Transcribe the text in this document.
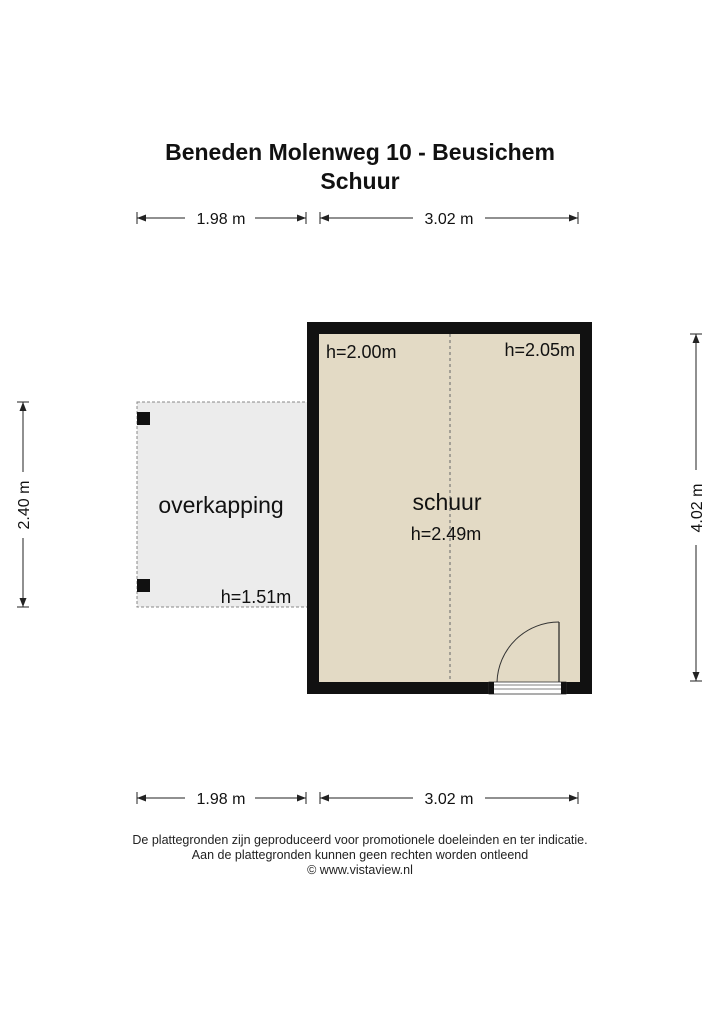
Beneden Molenweg 10 - Beusichem
Schuur
overkapping
h=1.51m
schuur
h=2.49m
h=2.00m	h=2.05m
1.98 m	3.02 m
1.98 m	3.02 m
2.40 m	4.02 m
De plattegronden zijn geproduceerd voor promotionele doeleinden en ter indicatie.
Aan de plattegronden kunnen geen rechten worden ontleend
© www.vistaview.nl
